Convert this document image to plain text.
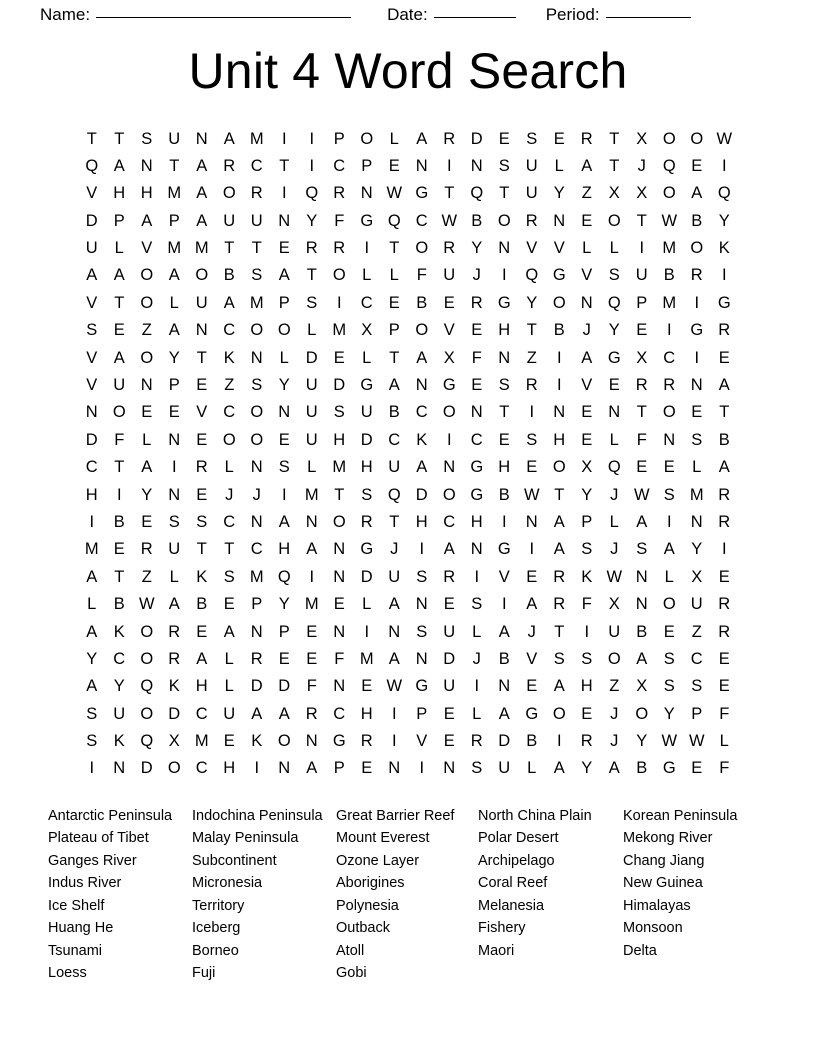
Name:	Date:	Period:
Unit 4 Word Search
T	T	S U N A M	I	I	P O L	A R D E S E R	T	X O O W
Q A N	T	A R C	T	I	C P E N	I	N S U	L	A	T	J	Q E	I
V H H M A O R	I	Q R N W G T Q T U Y	Z	X X O A Q
D P A P A U U N Y	F G Q C W B O R N E O T W B Y
U	L	V M M T	T	E R R	I	T O R Y N V V	L	L	I	M O K
A A O A O B S A	T O L	L	F U	J	I	Q G V S U B R	I
V	T O L	U A M P S	I	C E B E R G Y O N Q P M	I	G
S E	Z	A N C O O L M X P O V E H	T	B	J	Y E	I	G R
V A O Y	T	K N	L	D E	L	T	A X	F N	Z	I	A G X C	I	E
V U N P E	Z	S Y U D G A N G E S R	I	V E R R N A
N O E E V C O N U S U B C O N	T	I	N E N	T O E	T
D	F	L	N E O O E U H D C K	I	C E S H E	L	F N S B
C	T	A	I	R	L	N S	L M H U A N G H E O X Q E E	L	A
H	I	Y N E	J	J	I	M T	S Q D O G B W T	Y	J W S M R
I	B E S S C N A N O R	T H C H	I	N A P	L	A	I	N R
M E R U	T	T C H A N G	J	I	A N G	I	A S	J	S A Y	I
A	T	Z	L	K S M Q	I	N D U S R	I	V E R K W N	L	X E
L	B W A B E P Y M E	L	A N E S	I	A R	F	X N O U R
A K O R E A N P E N	I	N S U	L	A	J	T	I	U B E	Z R
Y C O R A	L	R E E	F M A N D	J	B V S S O A S C E
A Y Q K H	L	D D	F N E W G U	I	N E A H	Z	X S S E
S U O D C U A A R C H	I	P E	L	A G O E	J	O Y P	F
S K Q X M E K O N G R	I	V E R D B	I	R	J	Y W W L
I	N D O C H	I	N A P E N	I	N S U	L	A Y A B G E	F
Antarctic Peninsula
Plateau of Tibet
Ganges River
Indus River
Ice Shelf
Huang He
Tsunami
Loess
Indochina Peninsula
Malay Peninsula
Subcontinent
Micronesia
Territory
Iceberg
Borneo
Fuji
Great Barrier Reef
Mount Everest
Ozone Layer
Aborigines
Polynesia
Outback
Atoll
Gobi
North China Plain
Polar Desert
Archipelago
Coral Reef
Melanesia
Fishery
Maori
Korean Peninsula
Mekong River
Chang Jiang
New Guinea
Himalayas
Monsoon
Delta
